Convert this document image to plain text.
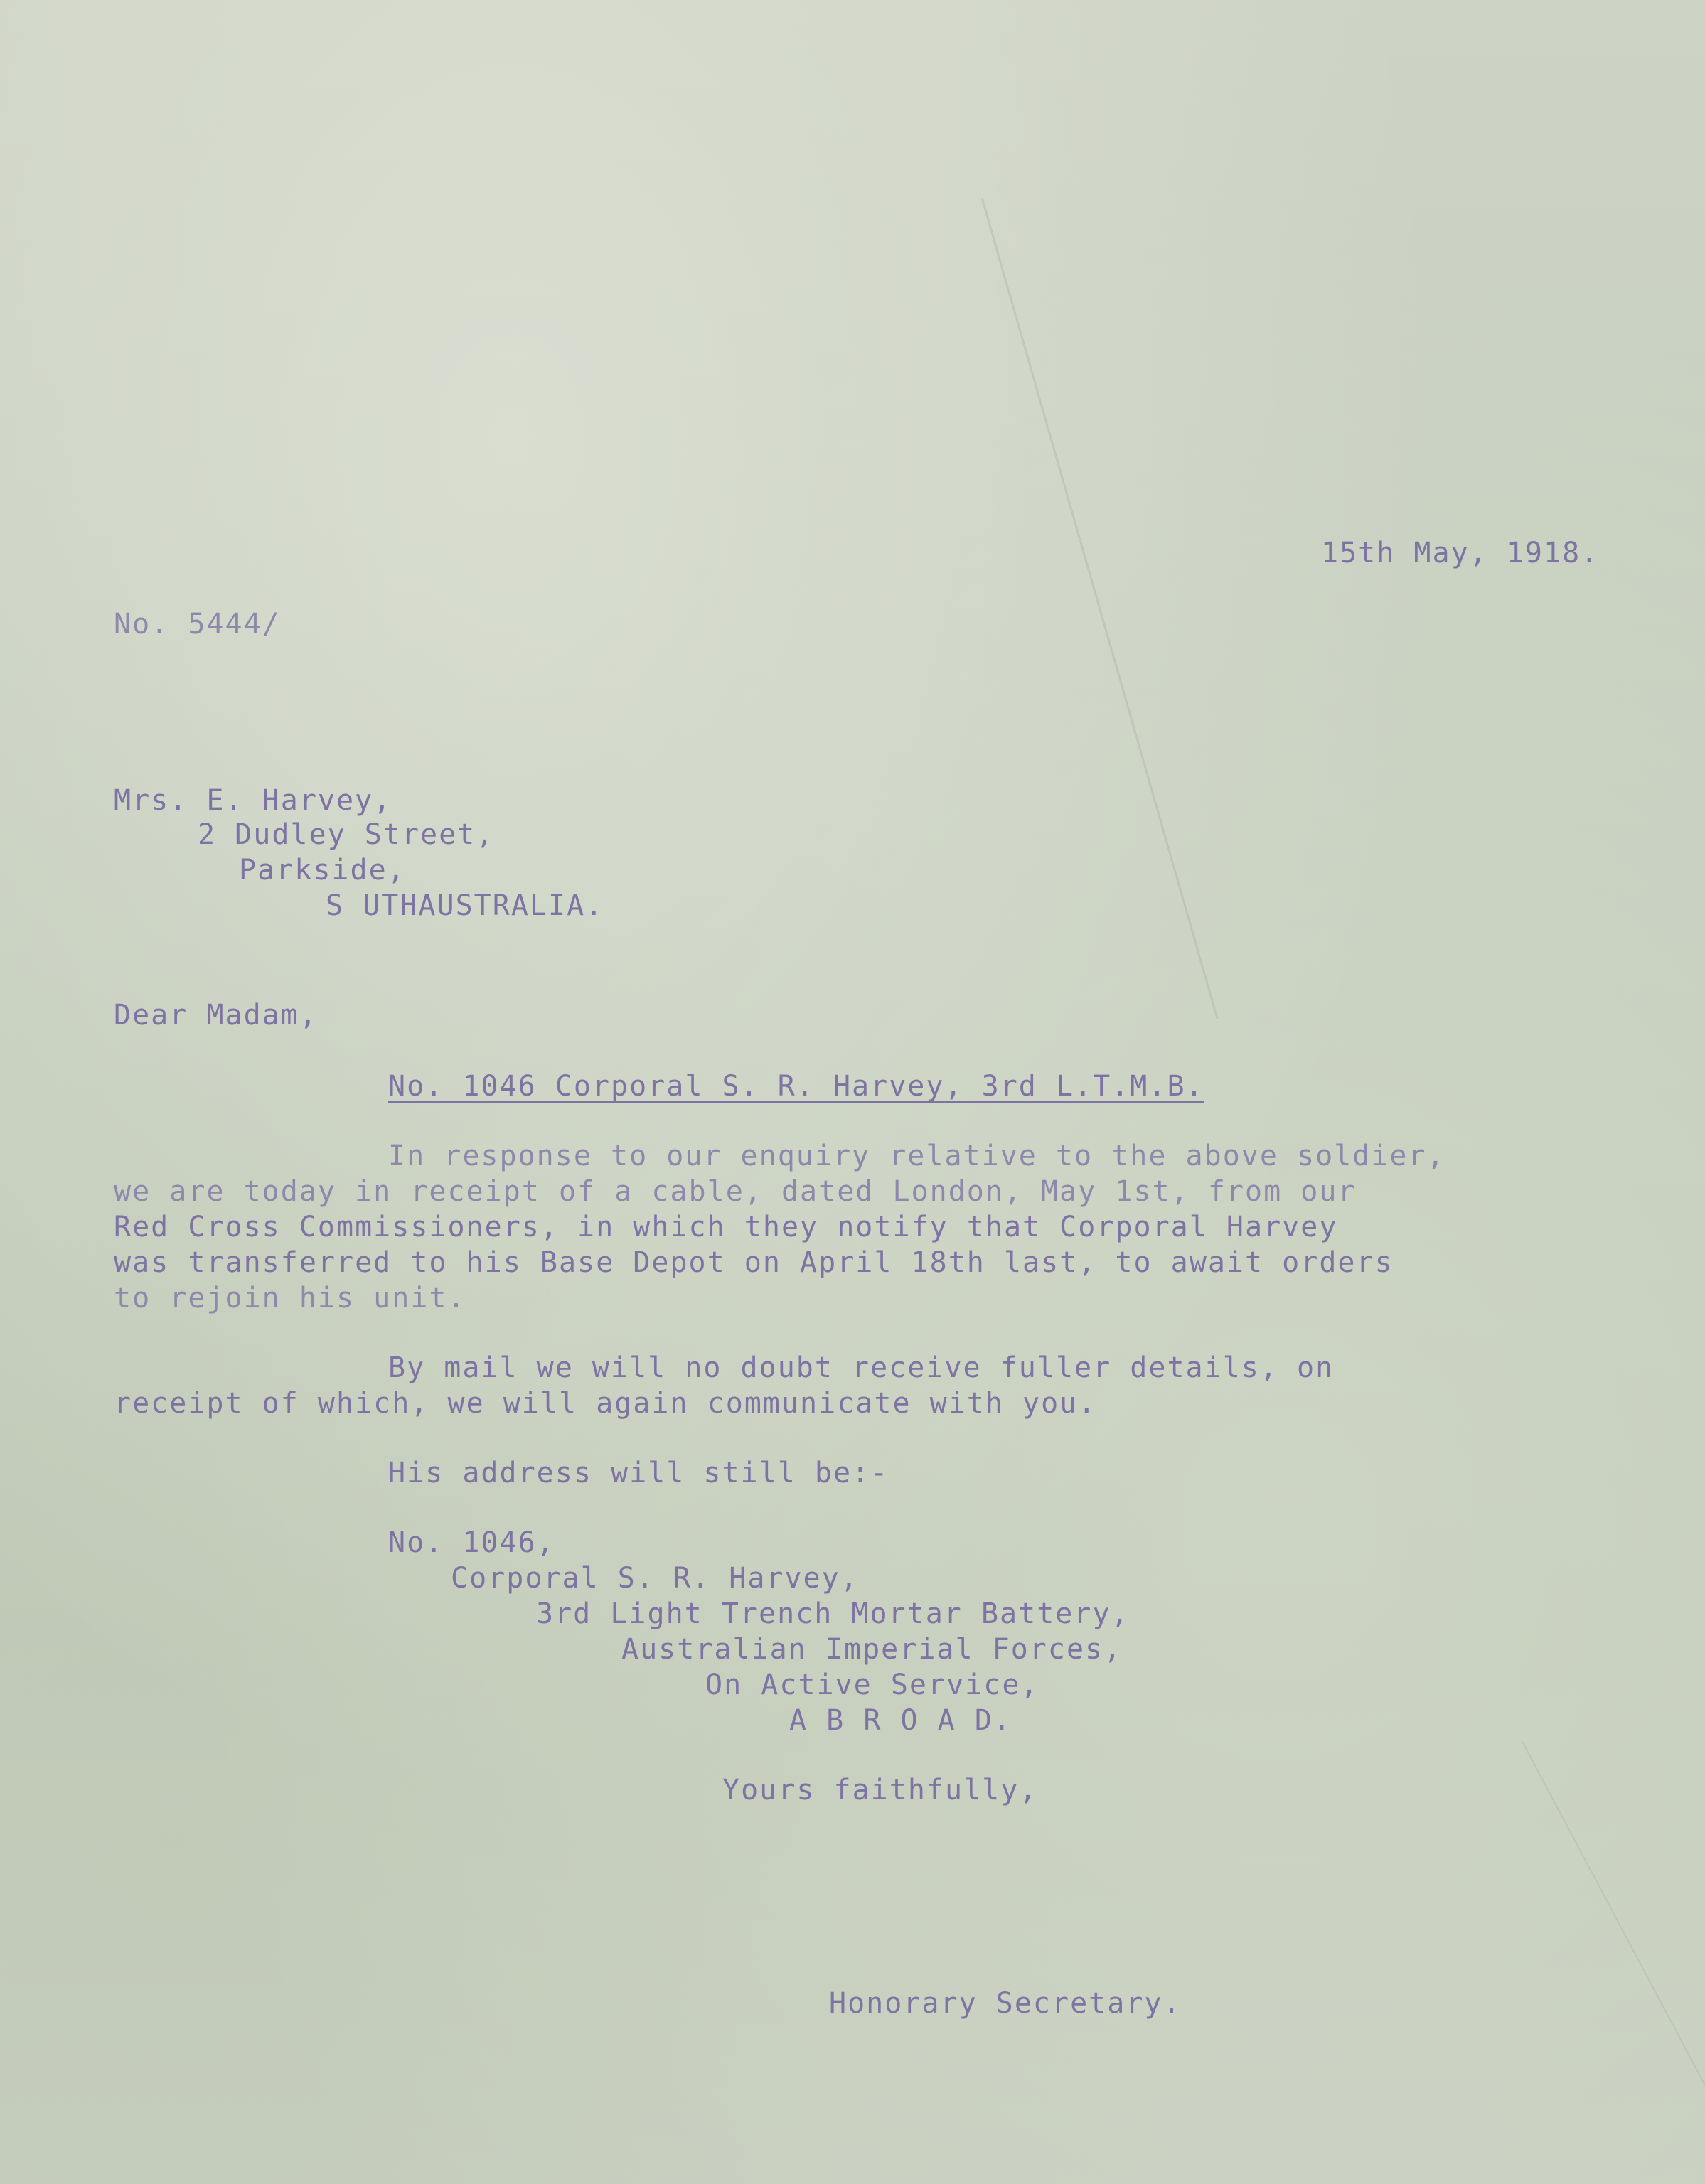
15th May, 1918.
No. 5444/
Mrs. E. Harvey,
2 Dudley Street,
Parkside,
S UTHAUSTRALIA.
Dear Madam,
No. 1046 Corporal S. R. Harvey, 3rd L.T.M.B.
In response to our enquiry relative to the above soldier,
we are today in receipt of a cable, dated London, May 1st, from our
Red Cross Commissioners, in which they notify that Corporal Harvey
was transferred to his Base Depot on April 18th last, to await orders
to rejoin his unit.
By mail we will no doubt receive fuller details, on
receipt of which, we will again communicate with you.
His address will still be:-
No. 1046,
Corporal S. R. Harvey,
3rd Light Trench Mortar Battery,
Australian Imperial Forces,
On Active Service,
A B R O A D.
Yours faithfully,
Honorary Secretary.
